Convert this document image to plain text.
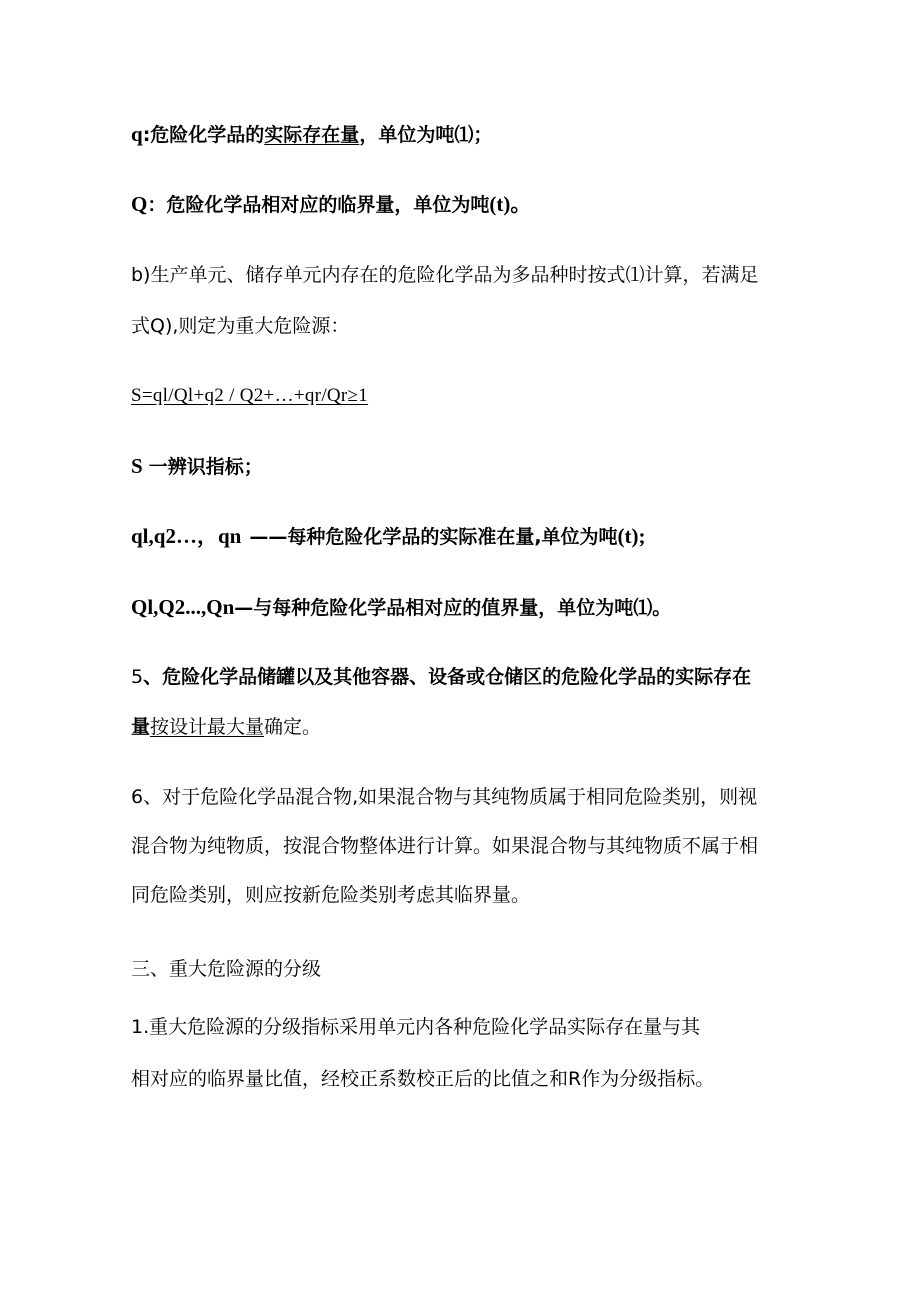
q:危险化学品的实际存在量，单位为吨⑴；
Q：危险化学品相对应的临界量，单位为吨(t)。
b)生产单元、储存单元内存在的危险化学品为多品种时按式⑴计算，若满足
式Q),则定为重大危险源：
S=ql/Ql+q2 / Q2+…+qr/Qr≥1
S 一辨识指标；
ql,q2…，qn ——每种危险化学品的实际准在量,单位为吨(t);
Ql,Q2...,Qn—与每种危险化学品相对应的值界量，单位为吨⑴。
5、危险化学品储罐以及其他容器、设备或仓储区的危险化学品的实际存在
量按设计最大量确定。
6、对于危险化学品混合物,如果混合物与其纯物质属于相同危险类别，则视
混合物为纯物质，按混合物整体进行计算。如果混合物与其纯物质不属于相
同危险类别，则应按新危险类别考虑其临界量。
三、重大危险源的分级
1.重大危险源的分级指标采用单元内各种危险化学品实际存在量与其
相对应的临界量比值，经校正系数校正后的比值之和R作为分级指标。
